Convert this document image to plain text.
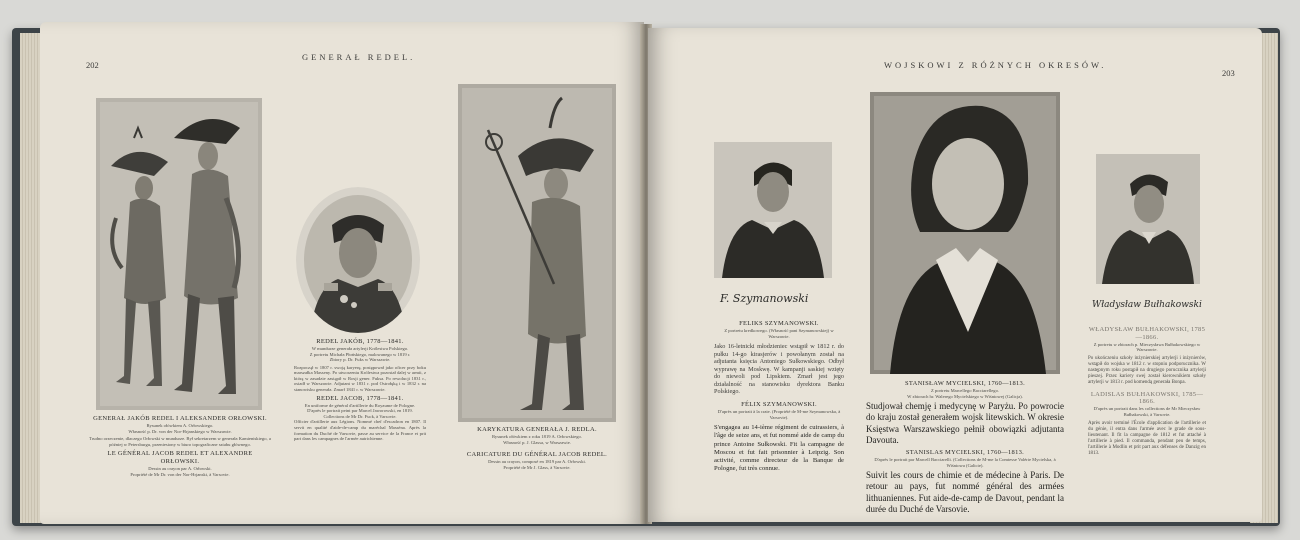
202
GENERAŁ REDEL.
GENERAŁ JAKÓB REDEL I ALEKSANDER ORŁOWSKI.
Rysunek ołówkiem A. Orłowskiego.
Własność p. Dr. von der Nor-Hrjanskiego w Warszawie.
Trudno orzeczenie, dlaczego Orłowski w mundurze. Był sekretarzem w generała Kamieniskiego, a później w Petersburgu, przeniesiony w biuro topograficzne sztabu głównego.
LE GÉNÉRAL JACOB REDEL ET ALEXANDRE ORŁOWSKI.
Dessin au crayon par A. Orłowski.
Propriété de Mr Dr. von der Nor-Hrjanski, à Varsovie.
REDEL JAKÓB, 1778—1841.
W mundurze generała artylerji Królestwa Polskiego.
Z portretu Michała Płońskiego, malowanego w 1819 r.
Zbiory p. Dr. Fuks w Warszawie.
Rozpoczął w 1807 r. swoją karyerę, postępował jako oficer przy boku marszałka Masseny. Po utworzeniu Królestwa pozostał dalej w armii, z którą w zasadzie zastąpił w Rosji gener. Fuksa. Po rewolucji 1831 r., osiadł w Warszawie. Adjutant w 1831 r. pod Ostrołęką i w 1832 r. na stanowisku generała. Zmarł 1841 r. w Warszawie.
REDEL JACOB, 1778—1841.
En uniforme de général d'artillerie du Royaume de Pologne.
D'après le portrait peint par Marcel Jaworowski, en 1819.
Collections de Mr Dr. Fuck, à Varsovie.
Officier d'artillerie aux Légions. Nommé chef d'escadron en 1807. Il servit en qualité d'aide-de-camp du maréchal Masséna. Après la formation du Duché de Varsovie, passe au service de la France et prit part dans les campagnes de l'armée autrichienne.
KARYKATURA GENERAŁA J. REDLA.
Rysunek ołówkiem z roku 1819 A. Orłowskiego.
Własność p. J. Glassa, w Warszawie.
CARICATURE DU GÉNÉRAL JACOB REDEL.
Dessin au crayon, composé en 1819 par A. Orłowski.
Propriété de Mr J. Glass, à Varsovie.
WOJSKOWI Z RÓŻNYCH OKRESÓW.
203
F. Szymanowski
FELIKS SZYMANOWSKI.
Z portretu kredkowego. (Własność pani Szymanowskiej) w Warszawie.
Jako 16-letnicki młodzieniec wstąpił w 1812 r. do pułku 14-go kirasjerów i powołanym został na adjutanta księcia Antoniego Sułkowskiego. Odbył wyprawę na Moskwę. W kampanji saskiej wzięty do niewoli pod Lipskiem. Zmarł jest jego działalność na stanowisku dyrektora Banku Polskiego.
FÉLIX SZYMANOWSKI.
D'après un portrait à la craie. (Propriété de M-me Szymanowska, à Varsovie).
S'engagea au 14-ième régiment de cuirassiers, à l'âge de seize ans, et fut nommé aide de camp du prince Antoine Sułkowski. Fit la campagne de Moscou et fut fait prisonnier à Leipzig. Son activité, comme directeur de la Banque de Pologne, fut très connue.
STANISŁAW MYCIELSKI, 1760—1813.
Z portretu Marcellego Bacciarellego.
W zbiorach hr. Walerego Mycielskiego w Wiśniowej (Galicja).
Studjował chemję i medycynę w Paryżu. Po powrocie do kraju został generałem wojsk litewskich. W okresie Księstwa Warszawskiego pełnił obowiązki adjutanta Davouta.
STANISLAS MYCIELSKI, 1760—1813.
D'après le portrait par Marcell Bacciarelli. (Collections de M-me la Comtesse Valérie Mycielska, à Wiśniowa (Galicie).
Suivit les cours de chimie et de médecine à Paris. De retour au pays, fut nommé général des armées lithuaniennes. Fut aide-de-camp de Davout, pendant la durée du Duché de Varsovie.
Władysław Bułhakowski
WŁADYSŁAW BUŁHAKOWSKI, 1785—1866.
Z portretu w zbiorach p. Mieczysława Bułhakowskiego w Warszawie.
Po ukończeniu szkoły inżynierskiej artylerji i inżynierów, wstąpił do wojska w 1812 r. w stopniu podporucznika. W następnym roku postąpił na drugiego porucznika artylerji pieszej. Przez kariery swej został kierownikiem szkoły artylerji w 1813 r. pod komendą generała Bonpa.
LADISLAS BUŁHAKOWSKI, 1785—1866.
D'après un portrait dans les collections de Mr Mieczysław Bułhakowski, à Varsovie.
Après avoir terminé l'École d'application de l'artillerie et du génie, il entra dans l'armée avec le grade de sous-lieutenant. Il fit la campagne de 1812 et fut attaché à l'artillerie à pied. Il commanda, pendant peu de temps, l'artillerie à Modlin et prit part aux défenses de Danzig en 1813.
